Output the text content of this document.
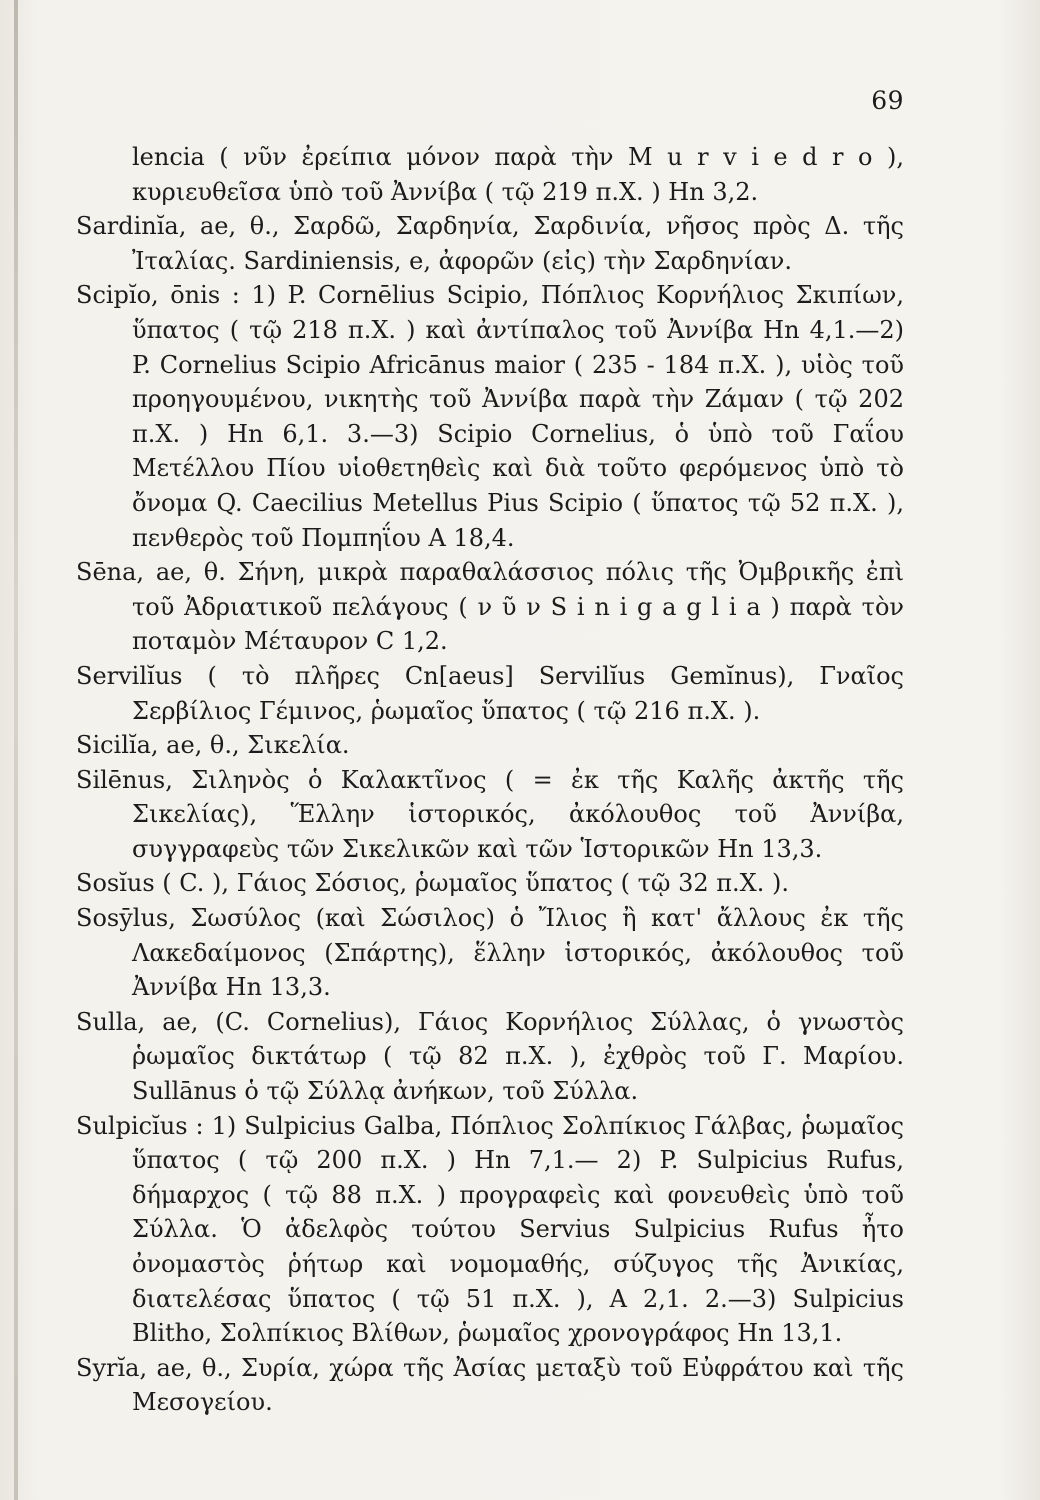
69

lencia ( νῦν ἐρείπια μόνον παρὰ τὴν M u r v i e d r o ), κυριευθεῖσα ὑπὸ τοῦ Ἀννίβα ( τῷ 219 π.Χ. ) Hn 3,2.

Sardinĭa, ae, θ., Σαρδῶ, Σαρδηνία, Σαρδινία, νῆσος πρὸς Δ. τῆς Ἰταλίας. Sardiniensis, e, ἀφορῶν (εἰς) τὴν Σαρδηνίαν.

Scipĭo, ōnis : 1) P. Cornēlius Scipio, Πόπλιος Κορνήλιος Σκιπίων, ὕπατος ( τῷ 218 π.Χ. ) καὶ ἀντίπαλος τοῦ Ἀννίβα Hn 4,1.—2) P. Cornelius Scipio Africānus maior ( 235 - 184 π.Χ. ), υἱὸς τοῦ προηγουμένου, νικητὴς τοῦ Ἀννίβα παρὰ τὴν Ζάμαν ( τῷ 202 π.Χ. ) Hn 6,1. 3.—3) Scipio Cornelius, ὁ ὑπὸ τοῦ Γαΐου Μετέλλου Πίου υἱοθετηθεὶς καὶ διὰ τοῦτο φερόμενος ὑπὸ τὸ ὄνομα Q. Caecilius Metellus Pius Scipio ( ὕπατος τῷ 52 π.Χ. ), πενθερὸς τοῦ Πομπηΐου A 18,4.

Sēna, ae, θ. Σήνη, μικρὰ παραθαλάσσιος πόλις τῆς Ὀμβρικῆς ἐπὶ τοῦ Ἀδριατικοῦ πελάγους ( ν ῦ ν S i n i g a g l i a ) παρὰ τὸν ποταμὸν Μέταυρον C 1,2.

Servilĭus ( τὸ πλῆρες Cn[aeus] Servilĭus Gemĭnus), Γναῖος Σερβίλιος Γέμινος, ῥωμαῖος ὕπατος ( τῷ 216 π.Χ. ).

Sicilĭa, ae, θ., Σικελία.

Silēnus, Σιληνὸς ὁ Καλακτῖνος ( = ἐκ τῆς Καλῆς ἀκτῆς τῆς Σικελίας), Ἕλλην ἱστορικός, ἀκόλουθος τοῦ Ἀννίβα, συγγραφεὺς τῶν Σικελικῶν καὶ τῶν Ἱστορικῶν Hn 13,3.

Sosĭus ( C. ), Γάιος Σόσιος, ῥωμαῖος ὕπατος ( τῷ 32 π.Χ. ).

Sosȳlus, Σωσύλος (καὶ Σώσιλος) ὁ Ἴλιος ἢ κατ' ἄλλους ἐκ τῆς Λακεδαίμονος (Σπάρτης), ἕλλην ἱστορικός, ἀκόλουθος τοῦ Ἀννίβα Hn 13,3.

Sulla, ae, (C. Cornelius), Γάιος Κορνήλιος Σύλλας, ὁ γνωστὸς ῥωμαῖος δικτάτωρ ( τῷ 82 π.Χ. ), ἐχθρὸς τοῦ Γ. Μαρίου. Sullānus ὁ τῷ Σύλλᾳ ἀνήκων, τοῦ Σύλλα.

Sulpicĭus : 1) Sulpicius Galba, Πόπλιος Σολπίκιος Γάλβας, ῥωμαῖος ὕπατος ( τῷ 200 π.Χ. ) Hn 7,1.— 2) P. Sulpicius Rufus, δήμαρχος ( τῷ 88 π.Χ. ) προγραφεὶς καὶ φονευθεὶς ὑπὸ τοῦ Σύλλα. Ὁ ἀδελφὸς τούτου Servius Sulpicius Rufus ἦτο ὀνομαστὸς ῥήτωρ καὶ νομομαθής, σύζυγος τῆς Ἀνικίας, διατελέσας ὕπατος ( τῷ 51 π.Χ. ), A 2,1. 2.—3) Sulpicius Blitho, Σολπίκιος Βλίθων, ῥωμαῖος χρονογράφος Hn 13,1.

Syrĭa, ae, θ., Συρία, χώρα τῆς Ἀσίας μεταξὺ τοῦ Εὐφράτου καὶ τῆς Μεσογείου.
